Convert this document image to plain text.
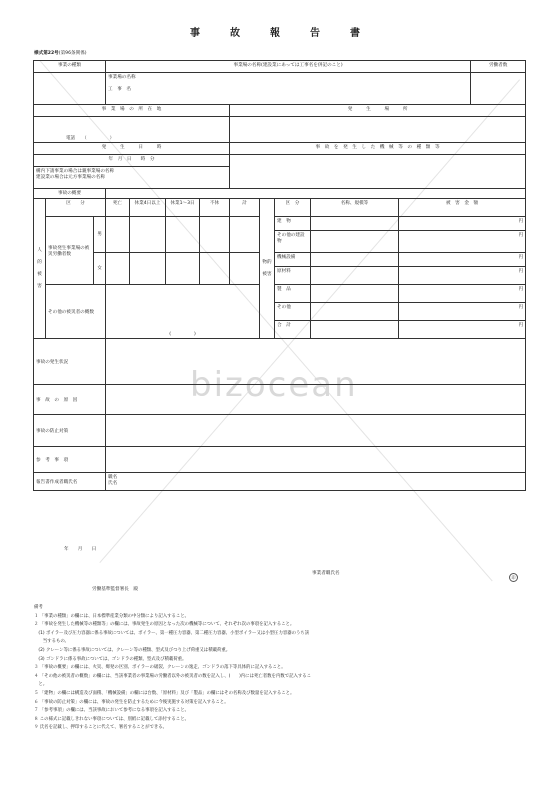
bizocean
事　故　報　告　書
様式第22号(第96条関係)
事業の種類			事業場の名称(建設業にあっては工事名を併記のこと)									労働者数

			事業場の名称
工　事　名									

事　業　場　の　所　在　地							発　　　生　　　場　　　所					

電話　　（　　　　　）												

発　　　生　　　日　　　時							事　故　を　発　生　し　た　機　械　等　の　種　類　等					
年　月　日　　時　分												

構内下請事業の場合は親事業場の名称
建設業の場合は元方事業場の名称												

事故の概要												
人的被害	区　　分		死亡	休業4日以上	休業1～3日	不休	計	物的被害	区　分	名称、規模等	被　害　金　額	
	事故発生事業場の被災労働者数	男							建　物		円	
									その他の建設物		円	
		女							機械設備		円	
									原材料		円	
	その他の被災者の概数		(　　　　　)						製　品		円	
									その他		円	
									合　計		円	
事故の発生状況												
事　故　の　原　因												
事故の防止対策												
参　考　事　項												
報告書作成者職氏名			職名
氏名									
年　　月　　日
事業者職氏名
印
労働基準監督署長　殿
備考
１ 「事業の種類」の欄には、日本標準産業分類の中分類により記入すること。
２ 「事故を発生した機械等の種類等」の欄には、事故発生の原因となった次の機械等について、それぞれ次の事項を記入すること。
　(1) ボイラー及び圧力容器に係る事故については、ボイラー、第一種圧力容器、第二種圧力容器、小型ボイラー又は小型圧力容器のうち該
　　当するもの。
　(2) クレーン等に係る事故については、クレーン等の種類、型式及びつり上げ荷重又は積載荷重。
　(3) ゴンドラに係る事故については、ゴンドラの種類、型式及び積載荷重。
３ 「事故の概要」の欄には、火災、爆発の区別、ボイラーの破裂、クレーンの逸走、ゴンドラの落下等具体的に記入すること。
４ 「その他の被災者の概数」の欄には、当該事業者の事業場の労働者以外の被災者の数を記入し、(　　)内には死亡者数を内数で記入するこ
　と。
５ 「建物」の欄には構造及び面積、「機械設備」の欄には台数、「原材料」及び「製品」の欄にはその名称及び数量を記入すること。
６ 「事故の防止対策」の欄には、事故の発生を防止するために今後実施する対策を記入すること。
７ 「参考事項」の欄には、当該事故において参考になる事項を記入すること。
８ この様式に記載しきれない事項については、別紙に記載して添付すること。
９ 氏名を記載し、押印することに代えて、署名することができる。
